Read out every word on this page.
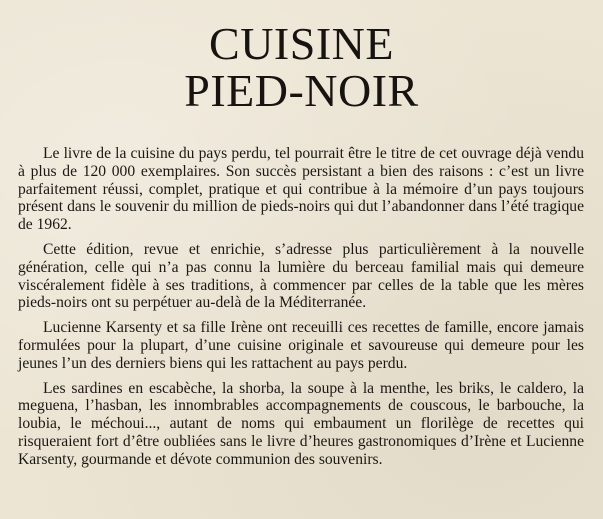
CUISINE
PIED-NOIR

Le livre de la cuisine du pays perdu, tel pourrait être le titre de cet ouvrage déjà vendu à plus de 120 000 exemplaires. Son succès persistant a bien des raisons : c’est un livre parfaitement réussi, complet, pratique et qui contribue à la mémoire d’un pays toujours présent dans le souvenir du million de pieds-noirs qui dut l’abandonner dans l’été tragique de 1962.

Cette édition, revue et enrichie, s’adresse plus particulièrement à la nouvelle génération, celle qui n’a pas connu la lumière du berceau familial mais qui demeure viscéralement fidèle à ses traditions, à commencer par celles de la table que les mères pieds-noirs ont su perpétuer au-delà de la Méditerranée.

Lucienne Karsenty et sa fille Irène ont receuilli ces recettes de famille, encore jamais formulées pour la plupart, d’une cuisine originale et savoureuse qui demeure pour les jeunes l’un des derniers biens qui les rattachent au pays perdu.

Les sardines en escabèche, la shorba, la soupe à la menthe, les briks, le caldero, la meguena, l’hasban, les innombrables accompagnements de couscous, le barbouche, la loubia, le méchoui..., autant de noms qui embaument un florilège de recettes qui risqueraient fort d’être oubliées sans le livre d’heures gastronomiques d’Irène et Lucienne Karsenty, gourmande et dévote communion des souvenirs.
